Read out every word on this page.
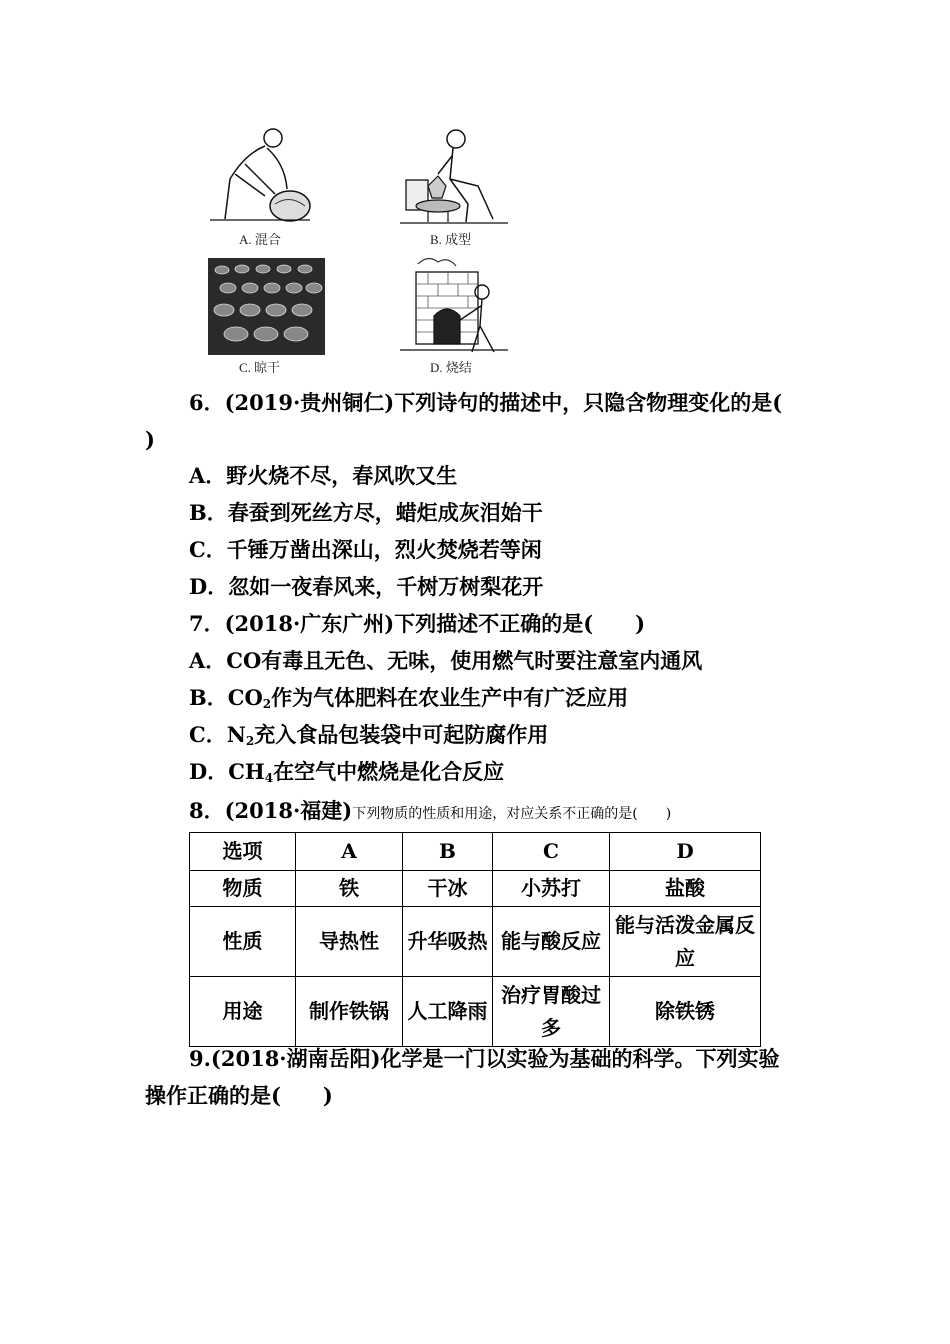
A. 混合	B. 成型
C. 晾干	D. 烧结
6．(2019·贵州铜仁)下列诗句的描述中，只隐含物理变化的是(
)
A．野火烧不尽，春风吹又生
B．春蚕到死丝方尽，蜡炬成灰泪始干
C．千锤万凿出深山，烈火焚烧若等闲
D．忽如一夜春风来，千树万树梨花开
7．(2018·广东广州)下列描述不正确的是(　　)
A．CO有毒且无色、无味，使用燃气时要注意室内通风
B．$CO_2$作为气体肥料在农业生产中有广泛应用
C．$N_2$充入食品包装袋中可起防腐作用
D．$CH_4$在空气中燃烧是化合反应
8．(2018·福建)下列物质的性质和用途，对应关系不正确的是(　　)
选项	A	B	C	D
物质	铁	干冰	小苏打	盐酸
性质	导热性	升华吸热	能与酸反应	能与活泼金属反应
用途	制作铁锅	人工降雨	治疗胃酸过多	除铁锈
9.(2018·湖南岳阳)化学是一门以实验为基础的科学。下列实验
操作正确的是(　　)
